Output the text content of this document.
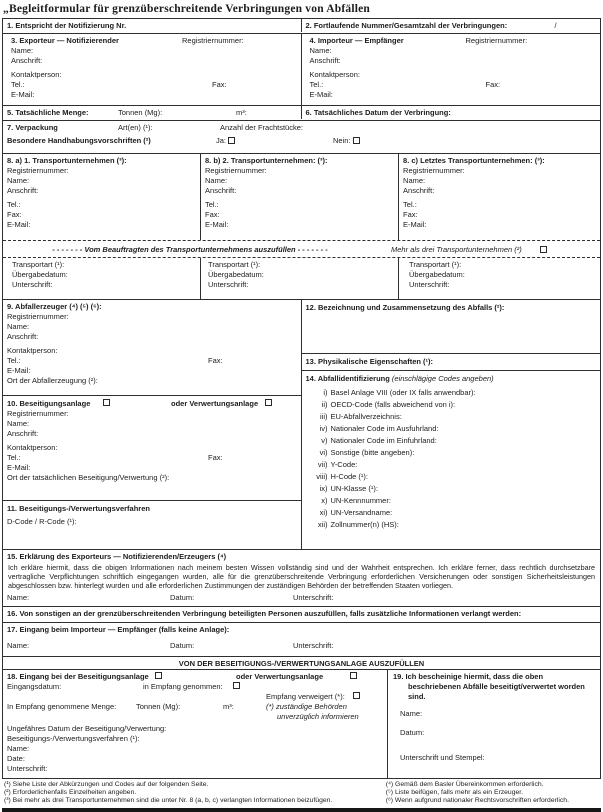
„Begleitformular für grenzüberschreitende Verbringungen von Abfällen
1. Entspricht der Notifizierung Nr.	2. Fortlaufende Nummer/Gesamtzahl der Verbringungen:	/
3. Exporteur — Notifizierender	Registriernummer:
Name:
Anschrift:
Kontaktperson:
Tel.:	Fax:
E-Mail:
4. Importeur — Empfänger	Registriernummer:
Name:
Anschrift:
Kontaktperson:
Tel.:	Fax:
E-Mail:
5. Tatsächliche Menge:	Tonnen (Mg):	m³:	6. Tatsächliches Datum der Verbringung:
7. Verpackung	Art(en) (¹):	Anzahl der Frachtstücke:
Besondere Handhabungsvorschriften (²)	Ja:	Nein:
8. a) 1. Transportunternehmen (³):
Registriernummer:
Name:
Anschrift:
Tel.:
Fax:
E-Mail:
8. b) 2. Transportunternehmen: (³):
Registriernummer:
Name:
Anschrift:
Tel.:
Fax:
E-Mail:
8. c) Letztes Transportunternehmen: (³):
Registriernummer:
Name:
Anschrift:
Tel.:
Fax:
E-Mail:
- - - - - - - Vom Beauftragten des Transportunternehmens auszufüllen - - - - - - -	Mehr als drei Transportunternehmen (²)
Transportart (¹):
Übergabedatum:
Unterschrift:
Transportart (¹):
Übergabedatum:
Unterschrift:
Transportart (¹):
Übergabedatum:
Unterschrift:
9. Abfallerzeuger (⁴) (⁵) (⁶):
Registriernummer:
Name:
Anschrift:
Kontaktperson:
Tel.:	Fax:
E-Mail:
Ort der Abfallerzeugung (²):
10. Beseitigungsanlage	oder Verwertungsanlage
Registriernummer:
Name:
Anschrift:
Kontaktperson:
Tel.:	Fax:
E-Mail:
Ort der tatsächlichen Beseitigung/Verwertung (²):
11. Beseitigungs-/Verwertungsverfahren
D-Code / R-Code (¹):
12. Bezeichnung und Zusammensetzung des Abfalls (²):
13. Physikalische Eigenschaften (¹):
14. Abfallidentifizierung (einschlägige Codes angeben)
i) Basel Anlage VIII (oder IX falls anwendbar):
ii) OECD-Code (falls abweichend von i):
iii) EU-Abfallverzeichnis:
iv) Nationaler Code im Ausfuhrland:
v) Nationaler Code im Einfuhrland:
vi) Sonstige (bitte angeben):
vii) Y-Code:
viii) H-Code (¹):
ix) UN-Klasse (¹):
x) UN-Kennnummer:
xi) UN-Versandname:
xii) Zollnummer(n) (HS):
15. Erklärung des Exporteurs — Notifizierenden/Erzeugers (⁴)
Ich erkläre hiermit, dass die obigen Informationen nach meinem besten Wissen vollständig sind und der Wahrheit entsprechen. Ich erkläre ferner, dass rechtlich durchsetzbare vertragliche Verpflichtungen schriftlich eingegangen wurden, alle für die grenzüberschreitende Verbringung erforderlichen Versicherungen oder sonstigen Sicherheitsleistungen abgeschlossen bzw. hinterlegt wurden und alle erforderlichen Zustimmungen der zuständigen Behörden der betreffenden Staaten vorliegen.
Name:	Datum:	Unterschrift:
16. Von sonstigen an der grenzüberschreitenden Verbringung beteiligten Personen auszufüllen, falls zusätzliche Informationen verlangt werden:
17. Eingang beim Importeur — Empfänger (falls keine Anlage):
Name:	Datum:	Unterschrift:
VON DER BESEITIGUNGS-/VERWERTUNGSANLAGE AUSZUFÜLLEN
18. Eingang bei der Beseitigungsanlage	oder Verwertungsanlage
Eingangsdatum:	in Empfang genommen:
Empfang verweigert (*):
In Empfang genommene Menge:	Tonnen (Mg):	m³:	(*) zuständige Behörden
unverzüglich informieren
Ungefähres Datum der Beseitigung/Verwertung:
Beseitigungs-/Verwertungsverfahren (¹):
Name:
Date:
Unterschrift:
19. Ich bescheinige hiermit, dass die oben beschriebenen Abfälle beseitigt/verwertet worden sind.
Name:
Datum:
Unterschrift und Stempel:
(¹) Siehe Liste der Abkürzungen und Codes auf der folgenden Seite.
(²) Erforderlichenfalls Einzelheiten angeben.
(³) Bei mehr als drei Transportunternehmen sind die unter Nr. 8 (a, b, c) verlangten Informationen beizufügen.
(⁴) Gemäß dem Basler Übereinkommen erforderlich.
(⁵) Liste beifügen, falls mehr als ein Erzeuger.
(⁶) Wenn aufgrund nationaler Rechtsvorschriften erforderlich.
